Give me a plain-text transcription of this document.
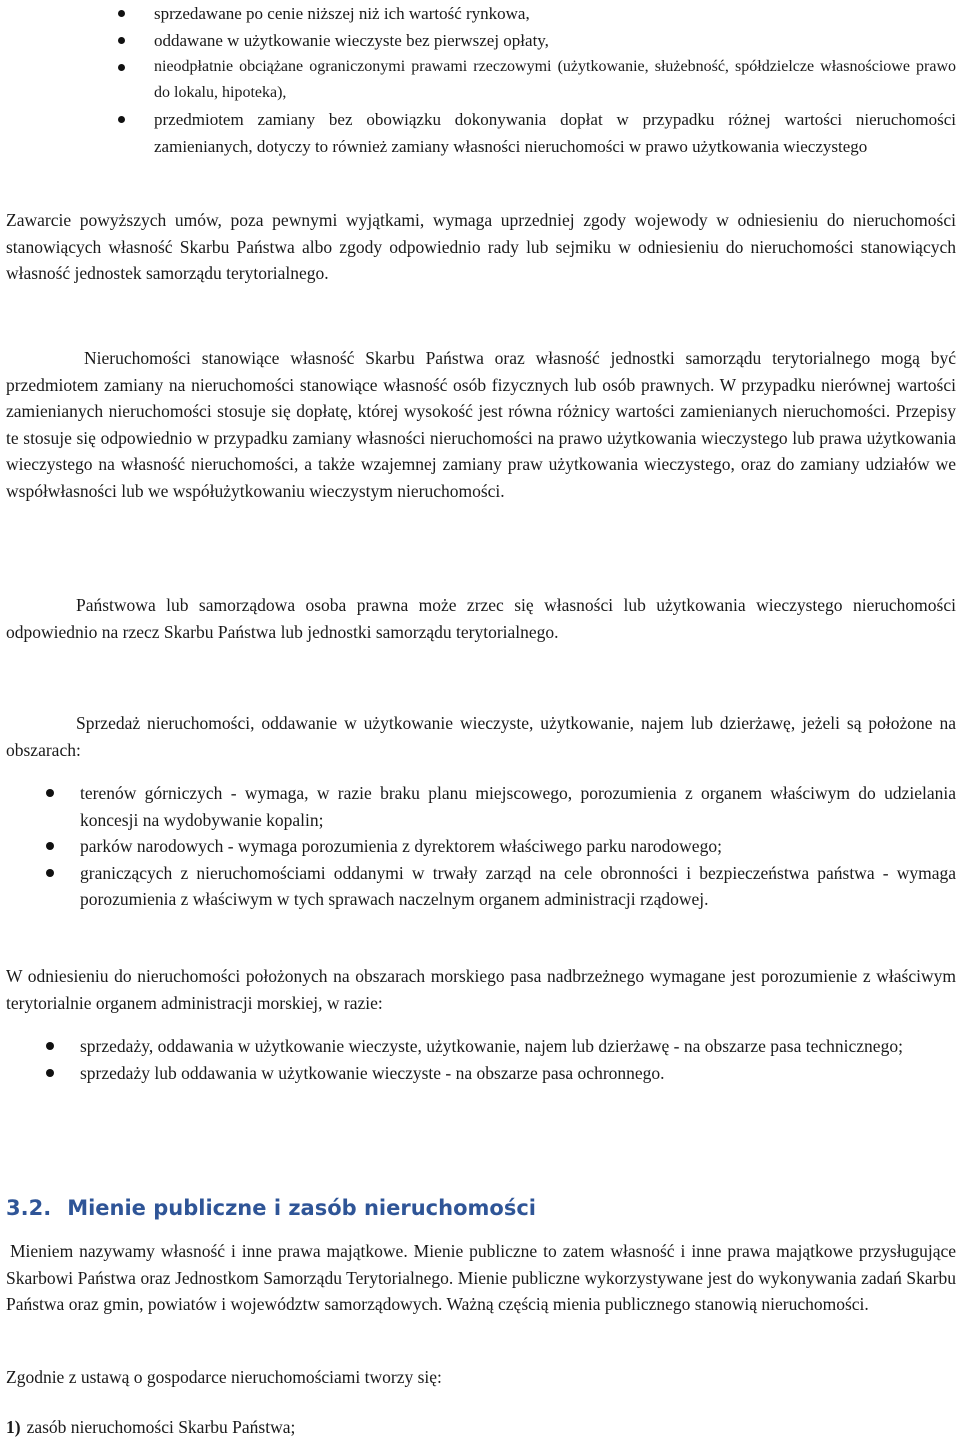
sprzedawane po cenie niższej niż ich wartość rynkowa,
oddawane w użytkowanie wieczyste bez pierwszej opłaty,
nieodpłatnie obciążane ograniczonymi prawami rzeczowymi (użytkowanie, służebność, spółdzielcze własnościowe prawo do lokalu, hipoteka),
przedmiotem zamiany bez obowiązku dokonywania dopłat w przypadku różnej wartości nieruchomości zamienianych, dotyczy to również zamiany własności nieruchomości w prawo użytkowania wieczystego

Zawarcie powyższych umów, poza pewnymi wyjątkami, wymaga uprzedniej zgody wojewody w odniesieniu do nieruchomości stanowiących własność Skarbu Państwa albo zgody odpowiednio rady lub sejmiku w odniesieniu do nieruchomości stanowiących własność jednostek samorządu terytorialnego.

Nieruchomości stanowiące własność Skarbu Państwa oraz własność jednostki samorządu terytorialnego mogą być przedmiotem zamiany na nieruchomości stanowiące własność osób fizycznych lub osób prawnych. W przypadku nierównej wartości zamienianych nieruchomości stosuje się dopłatę, której wysokość jest równa różnicy wartości zamienianych nieruchomości. Przepisy te stosuje się odpowiednio w przypadku zamiany własności nieruchomości na prawo użytkowania wieczystego lub prawa użytkowania wieczystego na własność nieruchomości, a także wzajemnej zamiany praw użytkowania wieczystego, oraz do zamiany udziałów we współwłasności lub we współużytkowaniu wieczystym nieruchomości.

Państwowa lub samorządowa osoba prawna może zrzec się własności lub użytkowania wieczystego nieruchomości odpowiednio na rzecz Skarbu Państwa lub jednostki samorządu terytorialnego.

Sprzedaż nieruchomości, oddawanie w użytkowanie wieczyste, użytkowanie, najem lub dzierżawę, jeżeli są położone na obszarach:

terenów górniczych - wymaga, w razie braku planu miejscowego, porozumienia z organem właściwym do udzielania koncesji na wydobywanie kopalin;
parków narodowych - wymaga porozumienia z dyrektorem właściwego parku narodowego;
graniczących z nieruchomościami oddanymi w trwały zarząd na cele obronności i bezpieczeństwa państwa - wymaga porozumienia z właściwym w tych sprawach naczelnym organem administracji rządowej.

W odniesieniu do nieruchomości położonych na obszarach morskiego pasa nadbrzeżnego wymagane jest porozumienie z właściwym terytorialnie organem administracji morskiej, w razie:

sprzedaży, oddawania w użytkowanie wieczyste, użytkowanie, najem lub dzierżawę - na obszarze pasa technicznego;
sprzedaży lub oddawania w użytkowanie wieczyste - na obszarze pasa ochronnego.
3.2. Mienie publiczne i zasób nieruchomości

Mieniem nazywamy własność i inne prawa majątkowe. Mienie publiczne to zatem własność i inne prawa majątkowe przysługujące Skarbowi Państwa oraz Jednostkom Samorządu Terytorialnego. Mienie publiczne wykorzystywane jest do wykonywania zadań Skarbu Państwa oraz gmin, powiatów i województw samorządowych. Ważną częścią mienia publicznego stanowią nieruchomości.

Zgodnie z ustawą o gospodarce nieruchomościami tworzy się:

1) zasób nieruchomości Skarbu Państwa;
